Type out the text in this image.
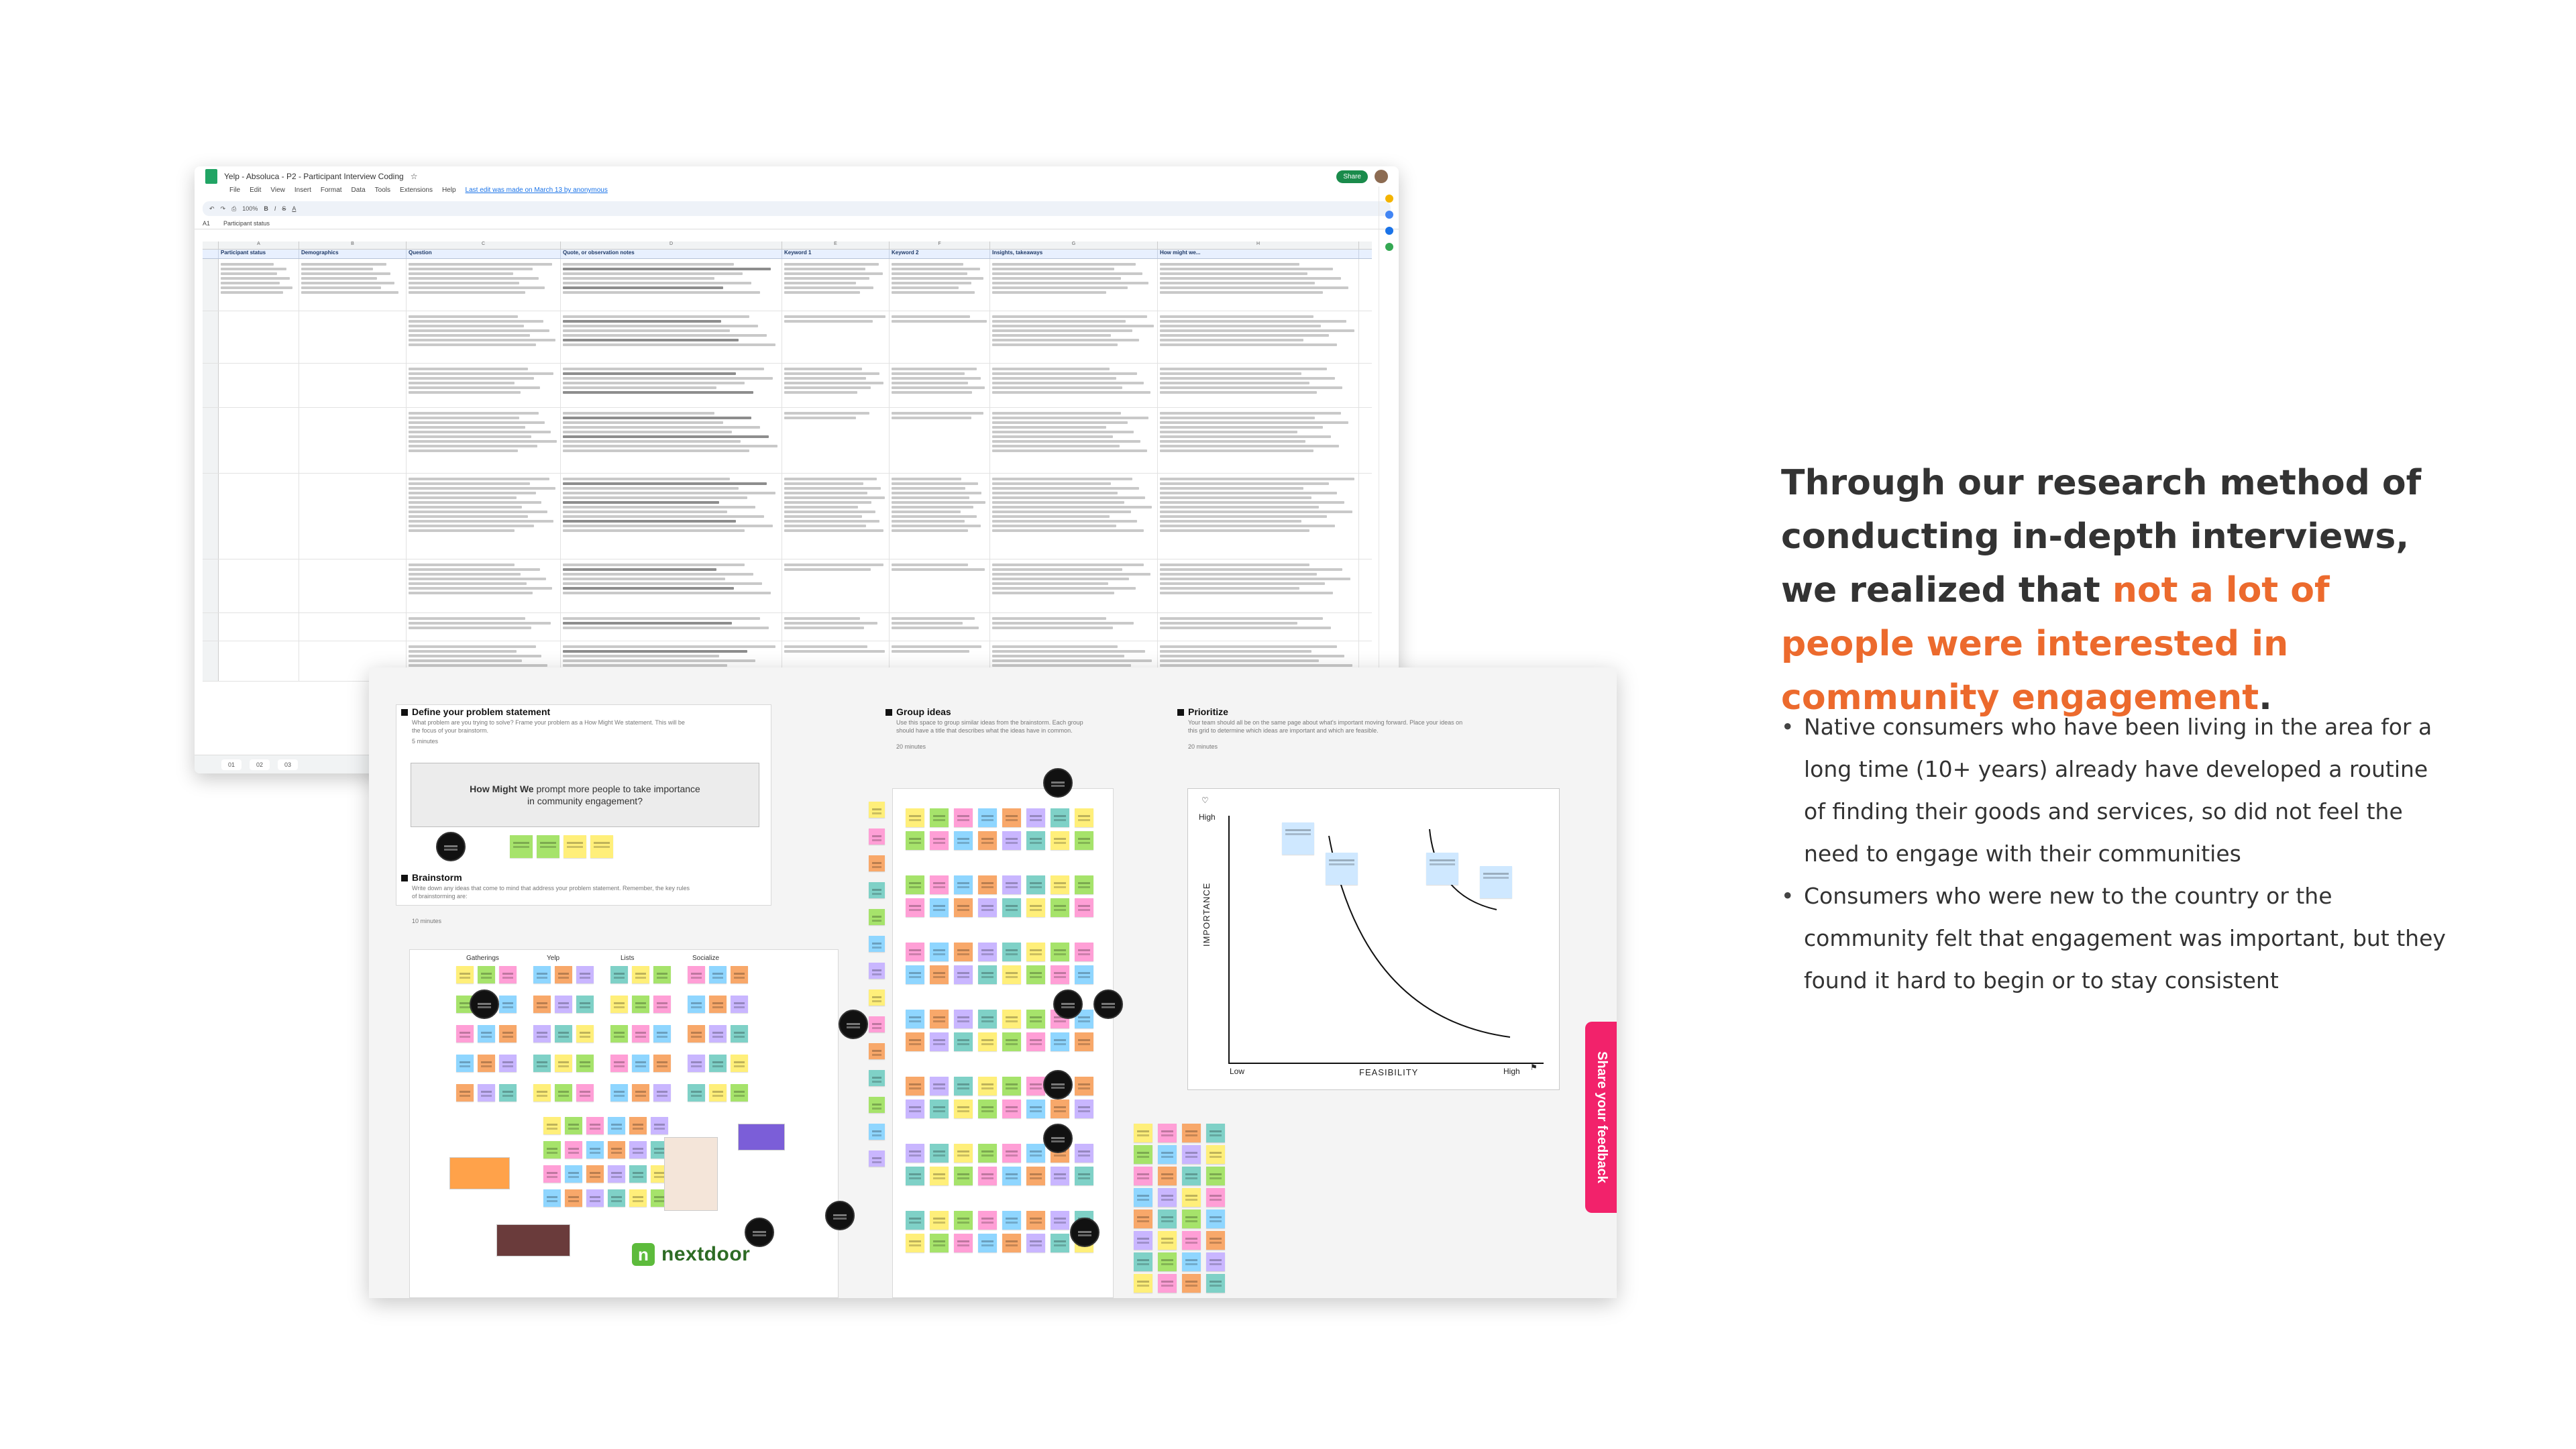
Yelp - Absoluca - P2 - Participant Interview Coding ☆	Share
File Edit View Insert Format Data Tools Extensions Help Last edit was made on March 13 by anonymous
↶ ↷ ⎙ 100% B I S A
A1 Participant status

A	B	C	D	E	F	G	H
Participant status	Demographics	Question	Quote, or observation notes	Keyword 1	Keyword 2	Insights, takeaways	How might we...
01	02	03
Define your problem statement
What problem are you trying to solve? Frame your problem as a How Might We statement. This will be the focus of your brainstorm.
5 minutes
How Might We prompt more people to take importance in community engagement?
Brainstorm
Write down any ideas that come to mind that address your problem statement. Remember, the key rules of brainstorming are:
10 minutes
Gatherings	Yelp	Lists	Socialize
Group ideas
Use this space to group similar ideas from the brainstorm. Each group should have a title that describes what the ideas have in common.
20 minutes
Prioritize
Your team should all be on the same page about what's important moving forward. Place your ideas on this grid to determine which ideas are important and which are feasible.
20 minutes
♡
High
IMPORTANCE
Low	FEASIBILITY	High ⚑
n nextdoor
Share your feedback
Through our research method of conducting in-depth interviews, we realized that not a lot of people were interested in community engagement.
• Native consumers who have been living in the area for a long time (10+ years) already have developed a routine of finding their goods and services, so did not feel the need to engage with their communities
• Consumers who were new to the country or the community felt that engagement was important, but they found it hard to begin or to stay consistent
